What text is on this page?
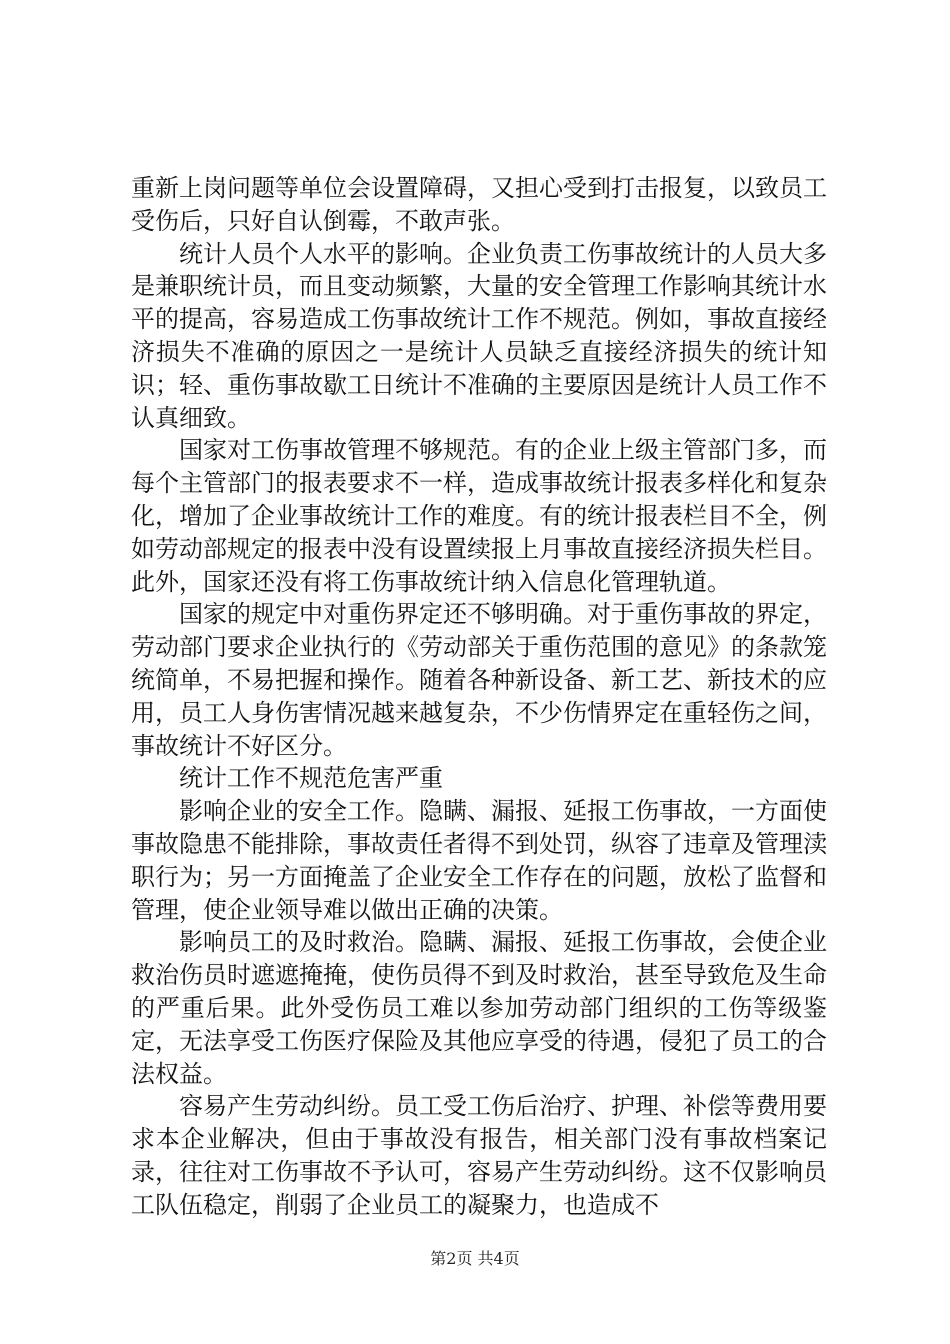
重新上岗问题等单位会设置障碍，又担心受到打击报复，以致员工受伤后，只好自认倒霉，不敢声张。

统计人员个人水平的影响。企业负责工伤事故统计的人员大多是兼职统计员，而且变动频繁，大量的安全管理工作影响其统计水平的提高，容易造成工伤事故统计工作不规范。例如，事故直接经济损失不准确的原因之一是统计人员缺乏直接经济损失的统计知识；轻、重伤事故歇工日统计不准确的主要原因是统计人员工作不认真细致。

国家对工伤事故管理不够规范。有的企业上级主管部门多，而每个主管部门的报表要求不一样，造成事故统计报表多样化和复杂化，增加了企业事故统计工作的难度。有的统计报表栏目不全，例如劳动部规定的报表中没有设置续报上月事故直接经济损失栏目。此外，国家还没有将工伤事故统计纳入信息化管理轨道。

国家的规定中对重伤界定还不够明确。对于重伤事故的界定，劳动部门要求企业执行的《劳动部关于重伤范围的意见》的条款笼统简单，不易把握和操作。随着各种新设备、新工艺、新技术的应用，员工人身伤害情况越来越复杂，不少伤情界定在重轻伤之间，事故统计不好区分。

统计工作不规范危害严重

影响企业的安全工作。隐瞒、漏报、延报工伤事故，一方面使事故隐患不能排除，事故责任者得不到处罚，纵容了违章及管理渎职行为；另一方面掩盖了企业安全工作存在的问题，放松了监督和管理，使企业领导难以做出正确的决策。

影响员工的及时救治。隐瞒、漏报、延报工伤事故，会使企业救治伤员时遮遮掩掩，使伤员得不到及时救治，甚至导致危及生命的严重后果。此外受伤员工难以参加劳动部门组织的工伤等级鉴定，无法享受工伤医疗保险及其他应享受的待遇，侵犯了员工的合法权益。

容易产生劳动纠纷。员工受工伤后治疗、护理、补偿等费用要求本企业解决，但由于事故没有报告，相关部门没有事故档案记录，往往对工伤事故不予认可，容易产生劳动纠纷。这不仅影响员工队伍稳定，削弱了企业员工的凝聚力，也造成不

第2页 共4页
